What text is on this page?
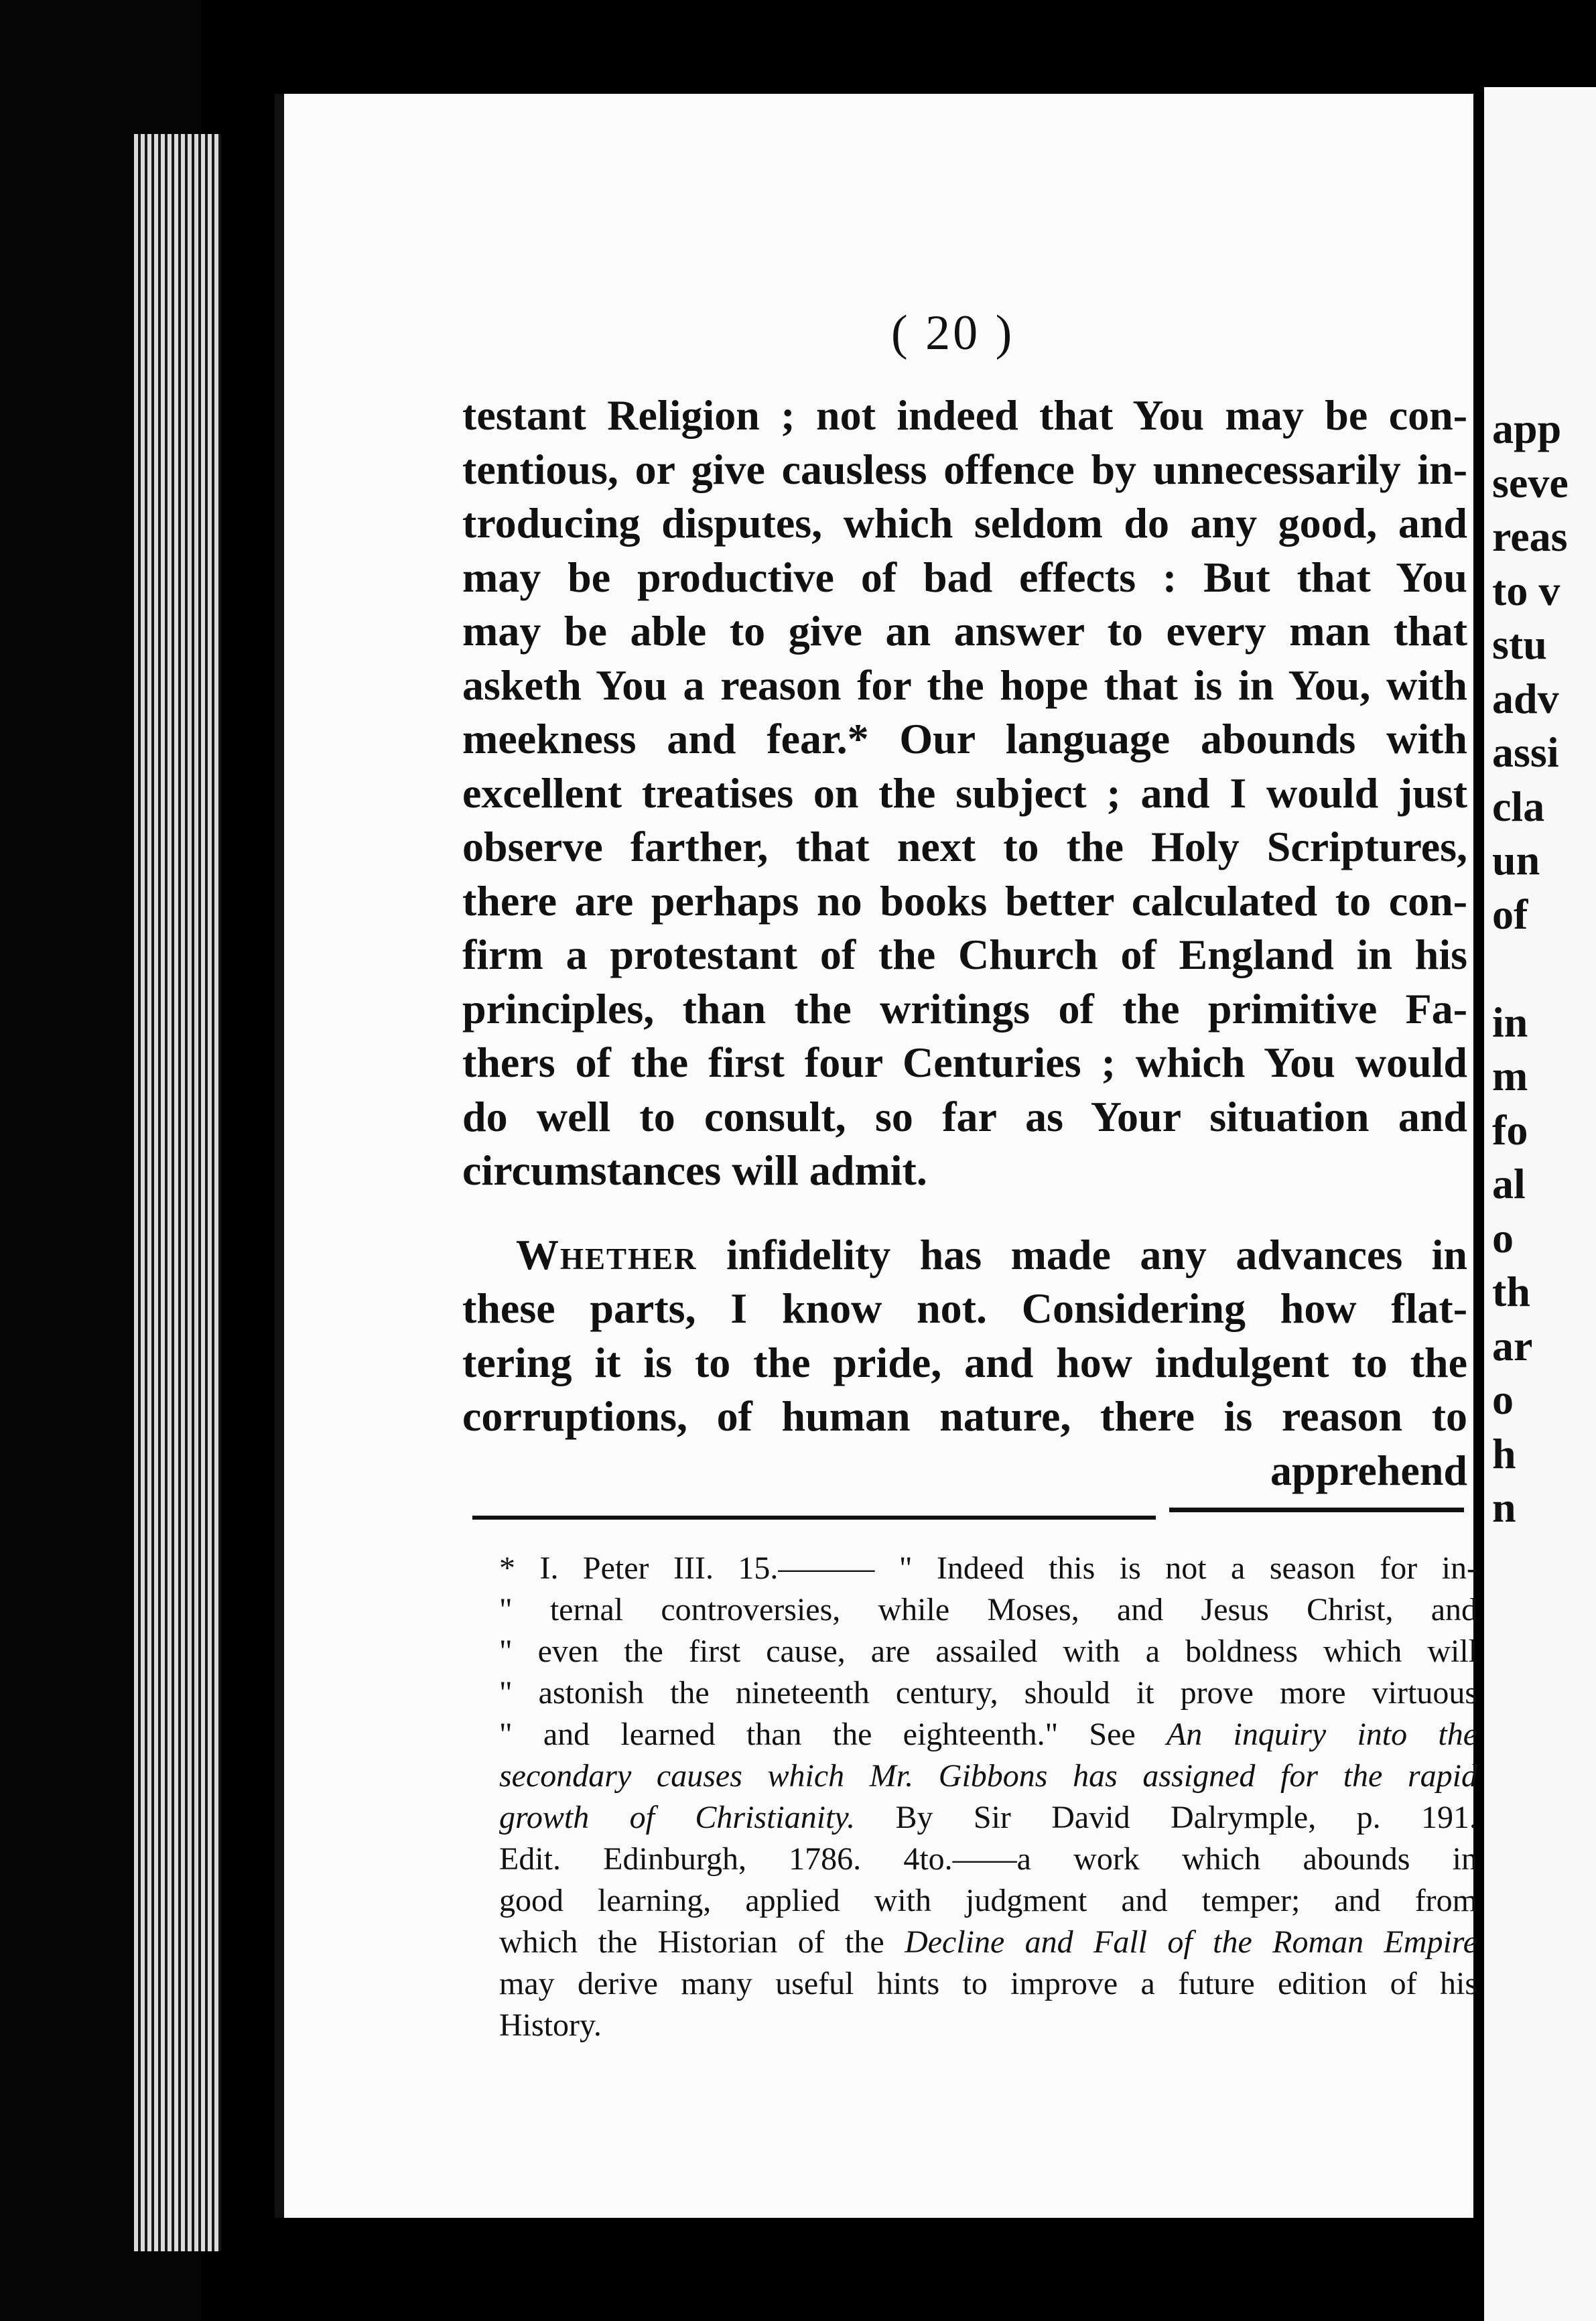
( 20 )
testant Religion ; not indeed that You may be con-
tentious, or give causless offence by unnecessarily in-
troducing disputes, which seldom do any good, and
may be productive of bad effects : But that You
may be able to give an answer to every man that
asketh You a reason for the hope that is in You, with
meekness and fear.* Our language abounds with
excellent treatises on the subject ; and I would just
observe farther, that next to the Holy Scriptures,
there are perhaps no books better calculated to con-
firm a protestant of the Church of England in his
principles, than the writings of the primitive Fa-
thers of the first four Centuries ; which You would
do well to consult, so far as Your situation and
circumstances will admit.
Whether infidelity has made any advances in
these parts, I know not. Considering how flat-
tering it is to the pride, and how indulgent to the
corruptions, of human nature, there is reason to
apprehend
* I. Peter III. 15.——— " Indeed this is not a season for in-
" ternal controversies, while Moses, and Jesus Christ, and
" even the first cause, are assailed with a boldness which will
" astonish the nineteenth century, should it prove more virtuous
" and learned than the eighteenth." See An inquiry into the
secondary causes which Mr. Gibbons has assigned for the rapid
growth of Christianity. By Sir David Dalrymple, p. 191.
Edit. Edinburgh, 1786. 4to.——a work which abounds in
good learning, applied with judgment and temper; and from
which the Historian of the Decline and Fall of the Roman Empire
may derive many useful hints to improve a future edition of his
History.
app
seve
reas
to v
stu
adv
assi
cla
un
of
in
m
fo
al
o
th
ar
o
h
n
